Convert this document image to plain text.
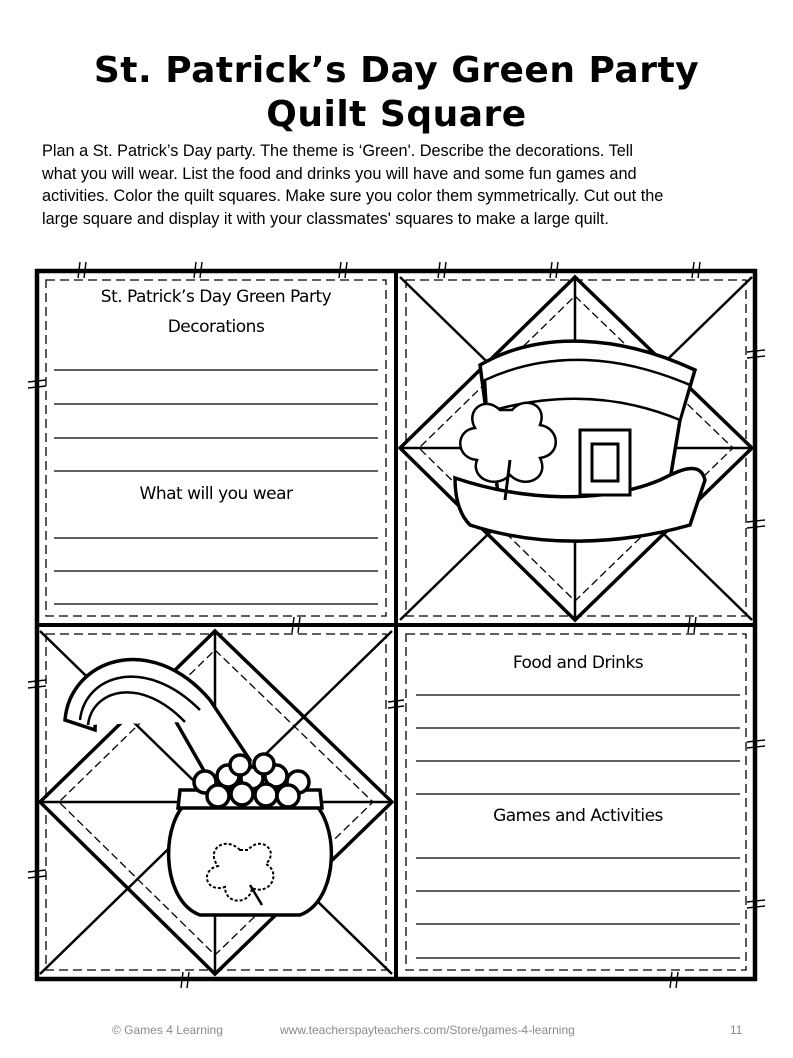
St. Patrick’s Day Green Party
Quilt Square

Plan a St. Patrick’s Day party. The theme is ‘Green'. Describe the decorations. Tell

what you will wear. List the food and drinks you will have and some fun games and

activities. Color the quilt squares. Make sure you color them symmetrically. Cut out the

large square and display it with your classmates' squares to make a large quilt.

St. Patrick’s Day Green Party
Decorations
What will you wear
Food and Drinks
Games and Activities
© Games 4 Learning	www.teacherspayteachers.com/Store/games-4-learning	11
